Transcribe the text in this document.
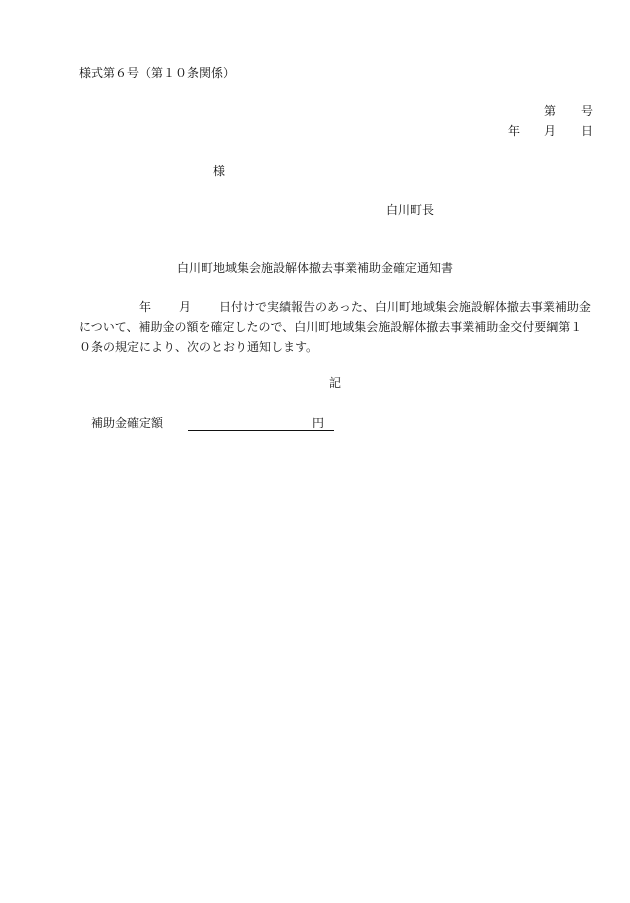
様式第６号（第１０条関係）
第 号
年 月 日
様
白川町長
白川町地域集会施設解体撤去事業補助金確定通知書
年 月 日付けで実績報告のあった、白川町地域集会施設解体撤去事業補助金
について、補助金の額を確定したので、白川町地域集会施設解体撤去事業補助金交付要綱第１
０条の規定により、次のとおり通知します。
記
補助金確定額	円
